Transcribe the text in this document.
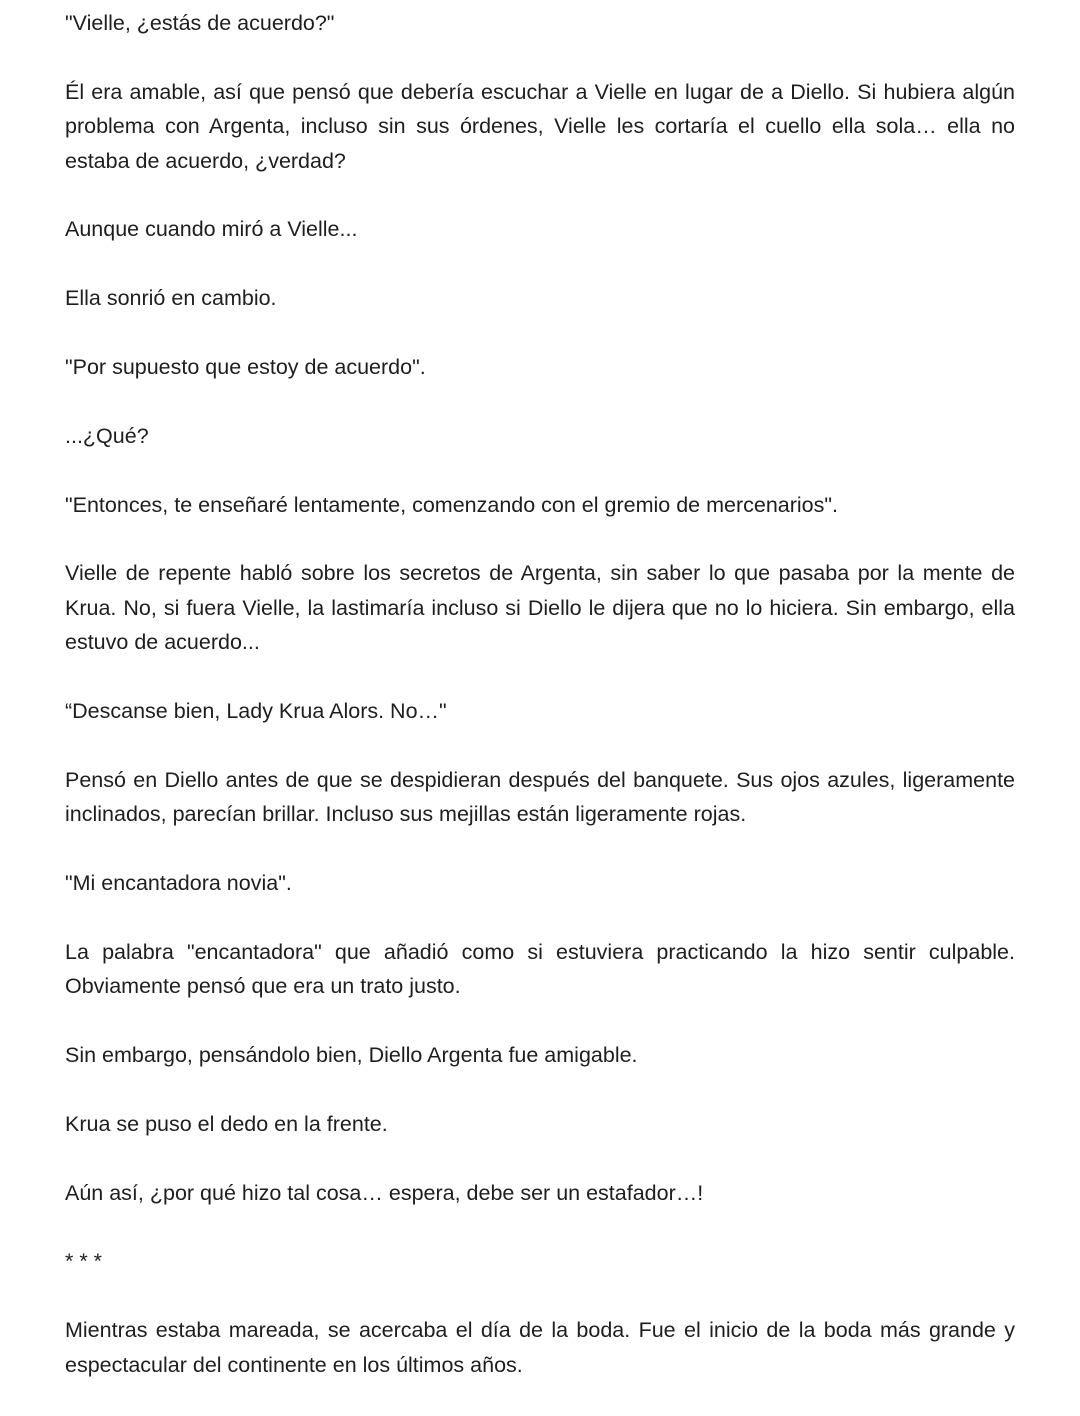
"Vielle, ¿estás de acuerdo?"

Él era amable, así que pensó que debería escuchar a Vielle en lugar de a Diello. Si hubiera algún problema con Argenta, incluso sin sus órdenes, Vielle les cortaría el cuello ella sola… ella no estaba de acuerdo, ¿verdad?

Aunque cuando miró a Vielle...

Ella sonrió en cambio.

"Por supuesto que estoy de acuerdo".

...¿Qué?

"Entonces, te enseñaré lentamente, comenzando con el gremio de mercenarios".

Vielle de repente habló sobre los secretos de Argenta, sin saber lo que pasaba por la mente de Krua. No, si fuera Vielle, la lastimaría incluso si Diello le dijera que no lo hiciera. Sin embargo, ella estuvo de acuerdo...

“Descanse bien, Lady Krua Alors. No…"

Pensó en Diello antes de que se despidieran después del banquete. Sus ojos azules, ligeramente inclinados, parecían brillar. Incluso sus mejillas están ligeramente rojas.

"Mi encantadora novia".

La palabra "encantadora" que añadió como si estuviera practicando la hizo sentir culpable. Obviamente pensó que era un trato justo.

Sin embargo, pensándolo bien, Diello Argenta fue amigable.

Krua se puso el dedo en la frente.

Aún así, ¿por qué hizo tal cosa… espera, debe ser un estafador…!

* * *

Mientras estaba mareada, se acercaba el día de la boda. Fue el inicio de la boda más grande y espectacular del continente en los últimos años.
